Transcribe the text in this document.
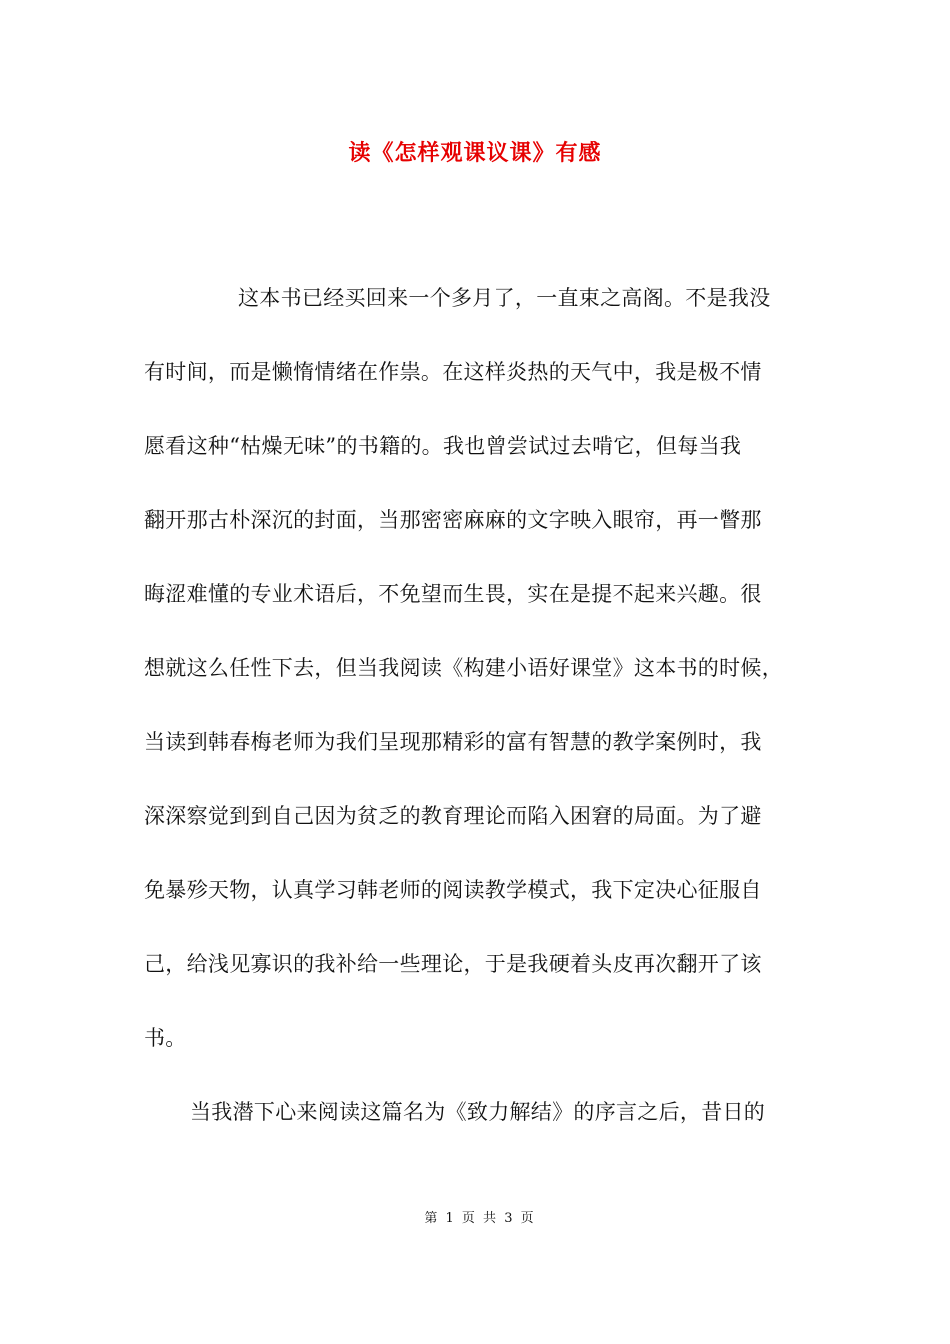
读《怎样观课议课》有感
这本书已经买回来一个多月了，一直束之高阁。不是我没
有时间，而是懒惰情绪在作祟。在这样炎热的天气中，我是极不情
愿看这种“枯燥无味”的书籍的。我也曾尝试过去啃它，但每当我
翻开那古朴深沉的封面，当那密密麻麻的文字映入眼帘，再一瞥那
晦涩难懂的专业术语后，不免望而生畏，实在是提不起来兴趣。很
想就这么任性下去，但当我阅读《构建小语好课堂》这本书的时候，
当读到韩春梅老师为我们呈现那精彩的富有智慧的教学案例时，我
深深察觉到到自己因为贫乏的教育理论而陷入困窘的局面。为了避
免暴殄天物，认真学习韩老师的阅读教学模式，我下定决心征服自
己，给浅见寡识的我补给一些理论，于是我硬着头皮再次翻开了该
书。
当我潜下心来阅读这篇名为《致力解结》的序言之后，昔日的
第 1 页 共 3 页
